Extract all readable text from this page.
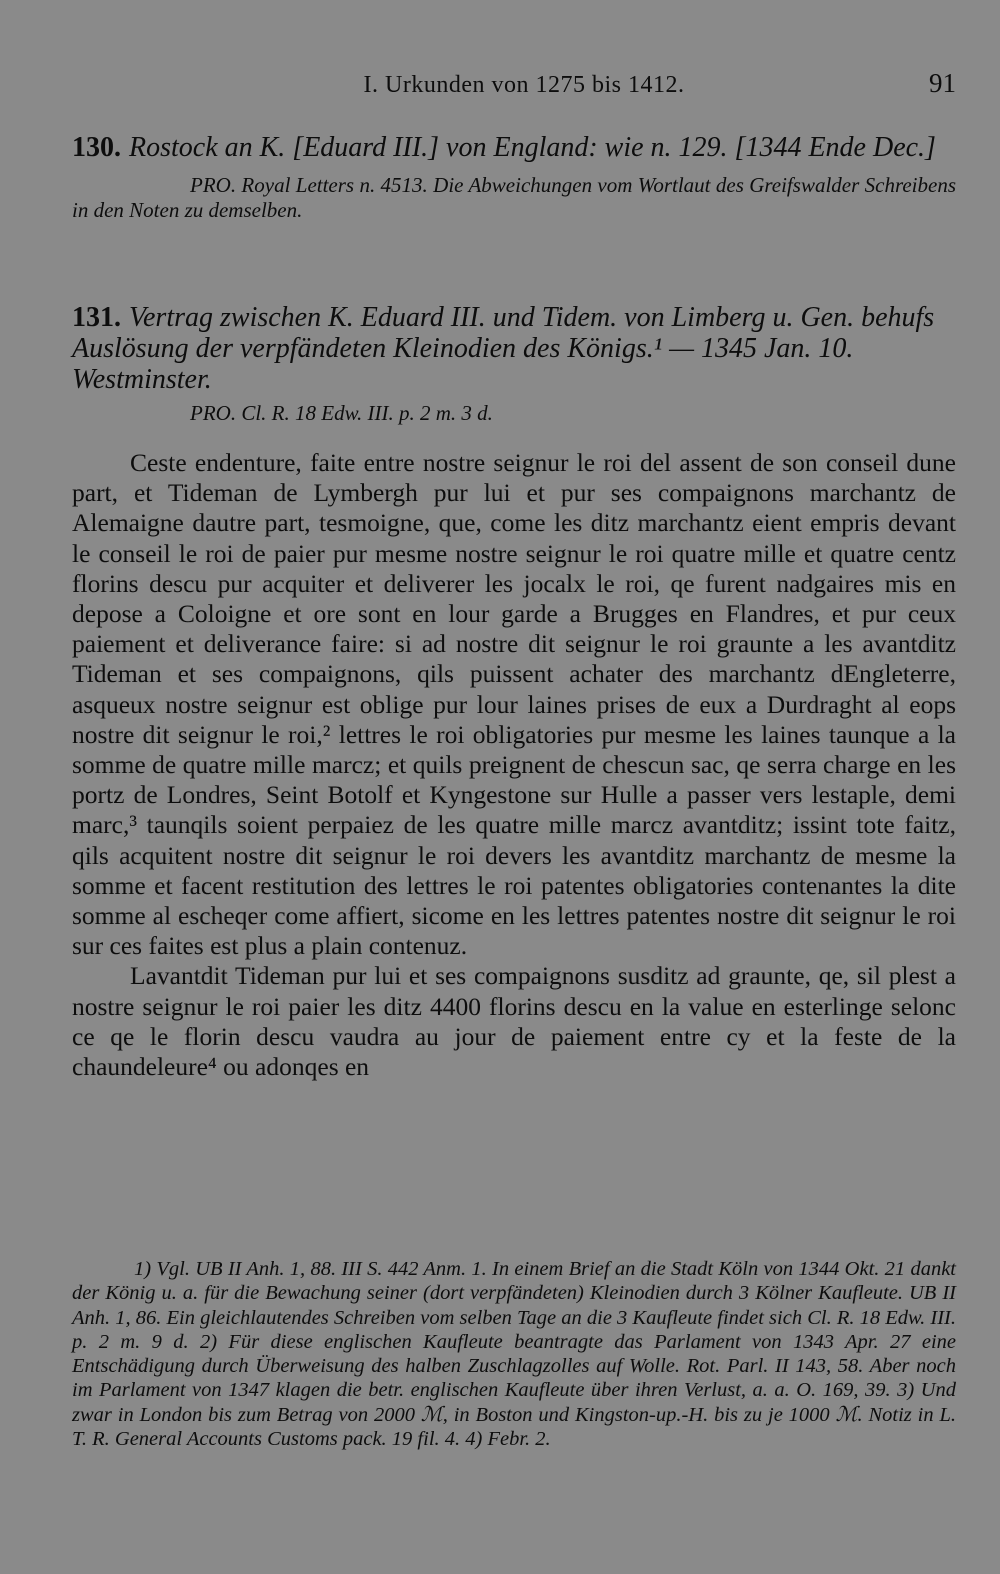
I. Urkunden von 1275 bis 1412.	91
130. Rostock an K. [Eduard III.] von England: wie n. 129. [1344 Ende Dec.]
PRO. Royal Letters n. 4513. Die Abweichungen vom Wortlaut des Greifswalder Schreibens in den Noten zu demselben.
131. Vertrag zwischen K. Eduard III. und Tidem. von Limberg u. Gen. behufs Auslösung der verpfändeten Kleinodien des Königs.¹ — 1345 Jan. 10. Westminster.
PRO. Cl. R. 18 Edw. III. p. 2 m. 3 d.

Ceste endenture, faite entre nostre seignur le roi del assent de son conseil dune part, et Tideman de Lymbergh pur lui et pur ses compaignons marchantz de Alemaigne dautre part, tesmoigne, que, come les ditz marchantz eient empris devant le conseil le roi de paier pur mesme nostre seignur le roi quatre mille et quatre centz florins descu pur acquiter et deliverer les jocalx le roi, qe furent nadgaires mis en depose a Coloigne et ore sont en lour garde a Brugges en Flandres, et pur ceux paiement et deliverance faire: si ad nostre dit seignur le roi graunte a les avantditz Tideman et ses compaignons, qils puissent achater des marchantz dEngleterre, asqueux nostre seignur est oblige pur lour laines prises de eux a Durdraght al eops nostre dit seignur le roi,² lettres le roi obligatories pur mesme les laines taunque a la somme de quatre mille marcz; et quils preignent de chescun sac, qe serra charge en les portz de Londres, Seint Botolf et Kyngestone sur Hulle a passer vers lestaple, demi marc,³ taunqils soient perpaiez de les quatre mille marcz avantditz; issint tote faitz, qils acquitent nostre dit seignur le roi devers les avantditz marchantz de mesme la somme et facent restitution des lettres le roi patentes obligatories contenantes la dite somme al escheqer come affiert, sicome en les lettres patentes nostre dit seignur le roi sur ces faites est plus a plain contenuz.

Lavantdit Tideman pur lui et ses compaignons susditz ad graunte, qe, sil plest a nostre seignur le roi paier les ditz 4400 florins descu en la value en esterlinge selonc ce qe le florin descu vaudra au jour de paiement entre cy et la feste de la chaundeleure⁴ ou adonqes en

1) Vgl. UB II Anh. 1, 88. III S. 442 Anm. 1. In einem Brief an die Stadt Köln von 1344 Okt. 21 dankt der König u. a. für die Bewachung seiner (dort verpfändeten) Kleinodien durch 3 Kölner Kaufleute. UB II Anh. 1, 86. Ein gleichlautendes Schreiben vom selben Tage an die 3 Kaufleute findet sich Cl. R. 18 Edw. III. p. 2 m. 9 d. 2) Für diese englischen Kaufleute beantragte das Parlament von 1343 Apr. 27 eine Entschädigung durch Überweisung des halben Zuschlagzolles auf Wolle. Rot. Parl. II 143, 58. Aber noch im Parlament von 1347 klagen die betr. englischen Kaufleute über ihren Verlust, a. a. O. 169, 39. 3) Und zwar in London bis zum Betrag von 2000 ℳ, in Boston und Kingston-up.-H. bis zu je 1000 ℳ. Notiz in L. T. R. General Accounts Customs pack. 19 fil. 4. 4) Febr. 2.
